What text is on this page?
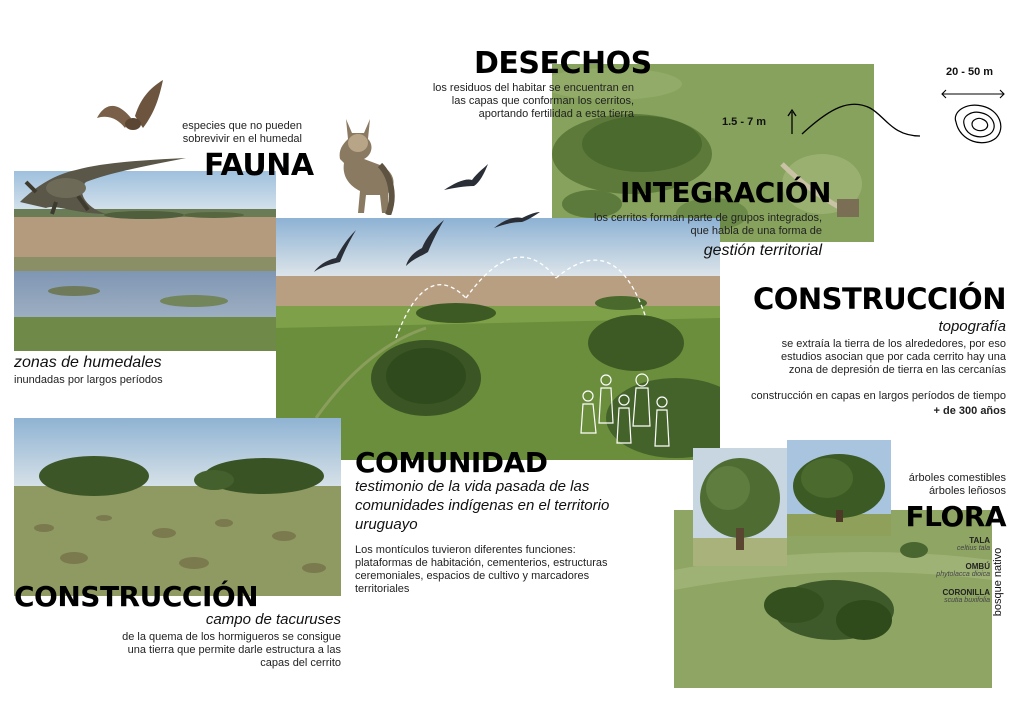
20 - 50 m
1.5 - 7 m
DESECHOS
los residuos del habitar se encuentran en
las capas que conforman los cerritos,
aportando fertilidad a esta tierra
especies que no pueden
sobrevivir en el humedal
FAUNA
zonas de humedales
inundadas por largos períodos
INTEGRACIÓN
los cerritos forman parte de grupos integrados,
que habla de una forma de
gestión territorial
CONSTRUCCIÓN
topografía
se extraía la tierra de los alrededores, por eso
estudios asocian que por cada cerrito hay una
zona de depresión de tierra en las cercanías
construcción en capas en largos períodos de tiempo
+ de 300 años
COMUNIDAD
testimonio de la vida pasada de las
comunidades indígenas en el territorio
uruguayo
Los montículos tuvieron diferentes funciones:
plataformas de habitación, cementerios, estructuras
ceremoniales, espacios de cultivo y marcadores
territoriales
CONSTRUCCIÓN
campo de tacuruses
de la quema de los hormigueros se consigue
una tierra que permite darle estructura a las
capas del cerrito
árboles comestibles
árboles leñosos
FLORA
TALA
celtius tala
OMBÚ
phytolacca dioica
CORONILLA
scutia buxifolia bosque nativo
